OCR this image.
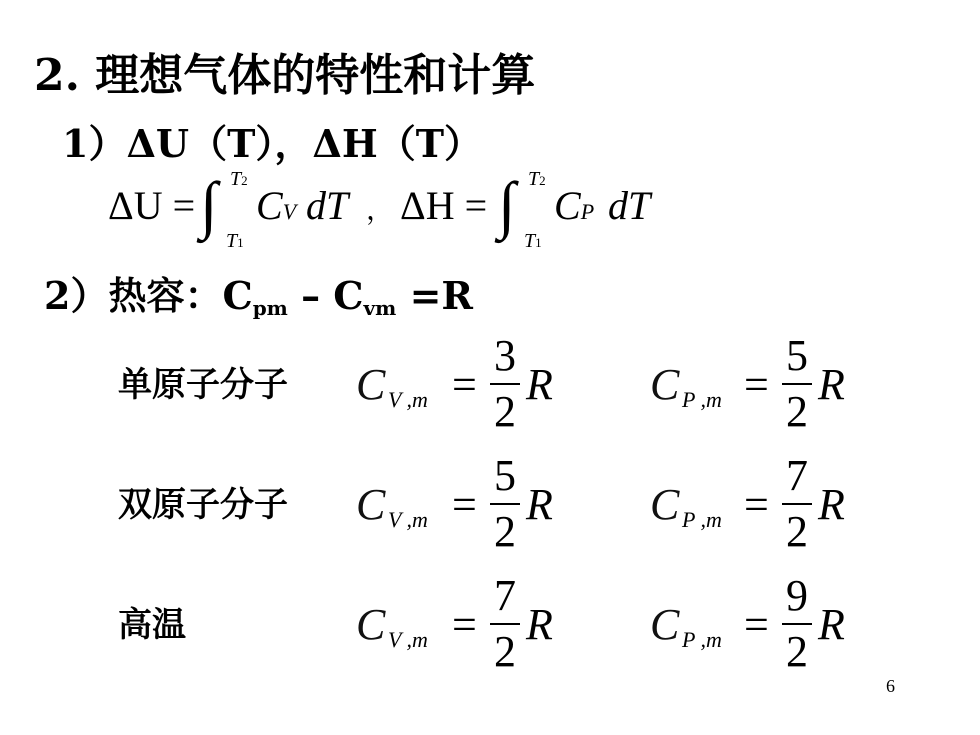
2. 理想气体的特性和计算
1）ΔU（T），ΔH（T）
ΔU = ∫ T2
T1
CV dT ， ΔH = ∫ T2
T1
CP dT
2）热容：$C_{pm} - C_{vm} =R$
单原子分子 C V ,m =
3
2
R C P ,m =
5
2
R
双原子分子 C V ,m =
5
2
R C P ,m =
7
2
R
高温	C V ,m =
7
2
R C P ,m =
9
2
R
6
